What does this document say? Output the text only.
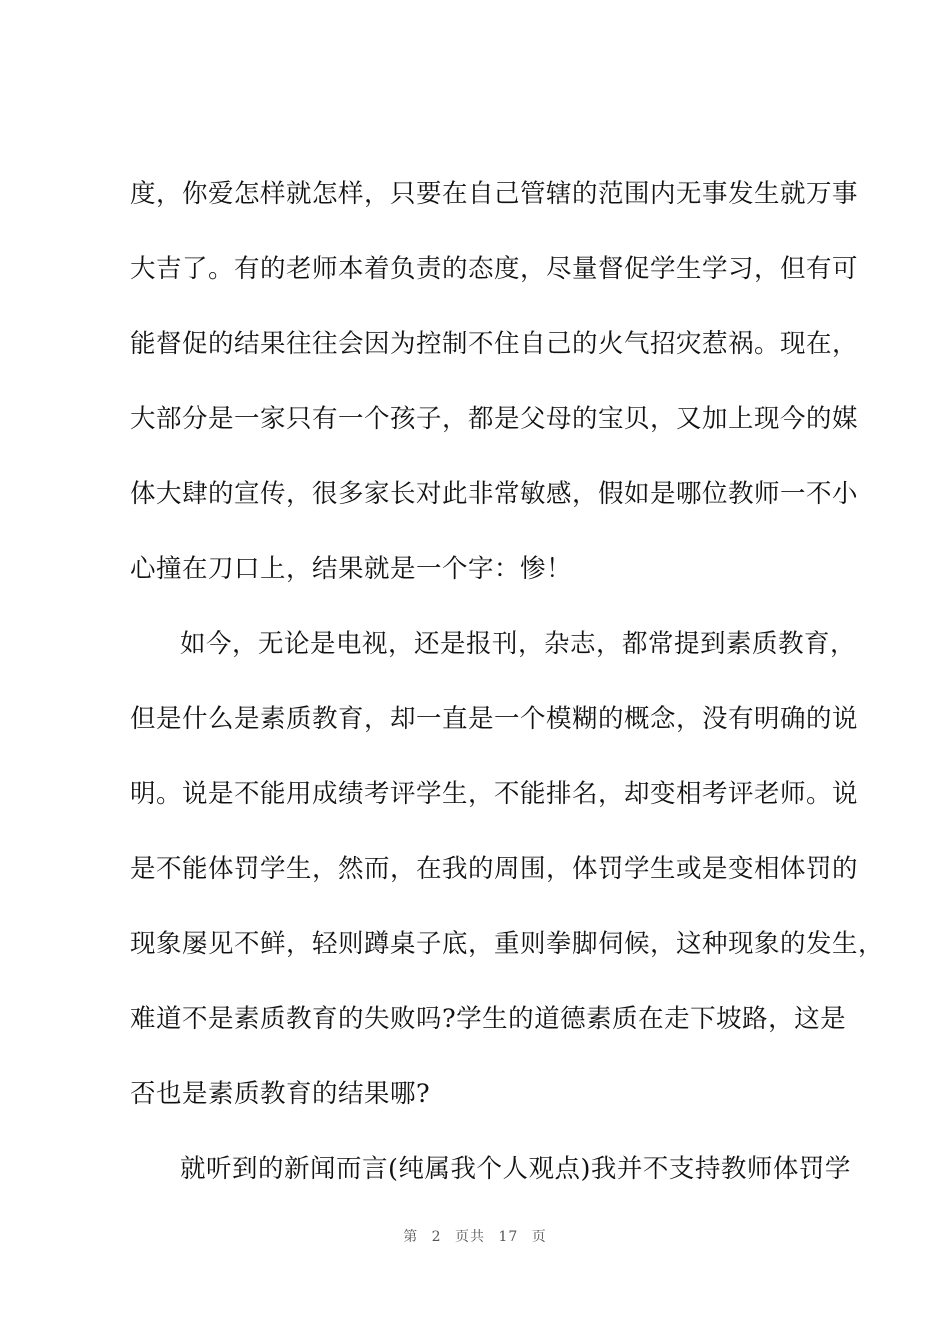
度，你爱怎样就怎样，只要在自己管辖的范围内无事发生就万事
大吉了。有的老师本着负责的态度，尽量督促学生学习，但有可
能督促的结果往往会因为控制不住自己的火气招灾惹祸。现在，
大部分是一家只有一个孩子，都是父母的宝贝，又加上现今的媒
体大肆的宣传，很多家长对此非常敏感，假如是哪位教师一不小
心撞在刀口上，结果就是一个字：惨！
如今，无论是电视，还是报刊，杂志，都常提到素质教育，
但是什么是素质教育，却一直是一个模糊的概念，没有明确的说
明。说是不能用成绩考评学生，不能排名，却变相考评老师。说
是不能体罚学生，然而，在我的周围，体罚学生或是变相体罚的
现象屡见不鲜，轻则蹲桌子底，重则拳脚伺候，这种现象的发生，
难道不是素质教育的失败吗?学生的道德素质在走下坡路，这是
否也是素质教育的结果哪?
就听到的新闻而言(纯属我个人观点)我并不支持教师体罚学
第 2 页共 17 页
